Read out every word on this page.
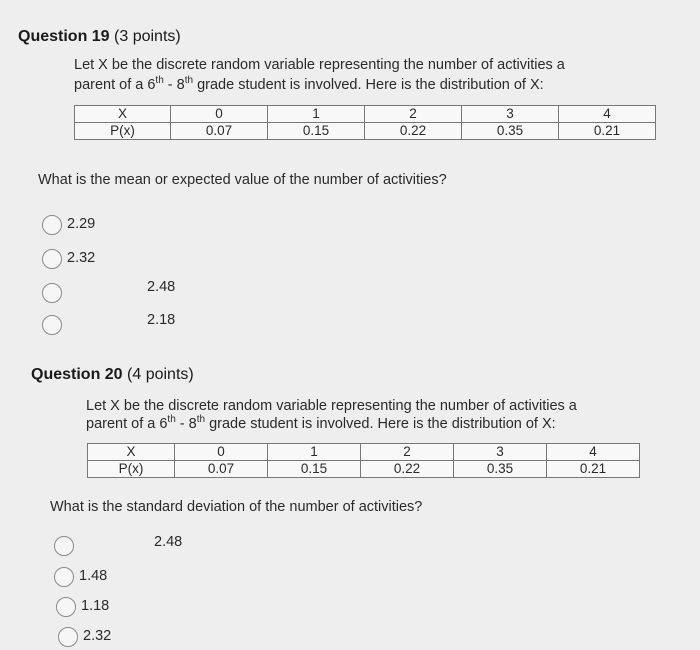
Question 19 (3 points)
Let X be the discrete random variable representing the number of activities a
parent of a 6th - 8th grade student is involved. Here is the distribution of X:
X	0	1	2	3	4
P(x)	0.07	0.15	0.22	0.35	0.21
What is the mean or expected value of the number of activities?
2.29
2.32
2.48
2.18
Question 20 (4 points)
Let X be the discrete random variable representing the number of activities a
parent of a 6th - 8th grade student is involved. Here is the distribution of X:
X	0	1	2	3	4
P(x)	0.07	0.15	0.22	0.35	0.21
What is the standard deviation of the number of activities?
2.48
1.48
1.18
2.32
